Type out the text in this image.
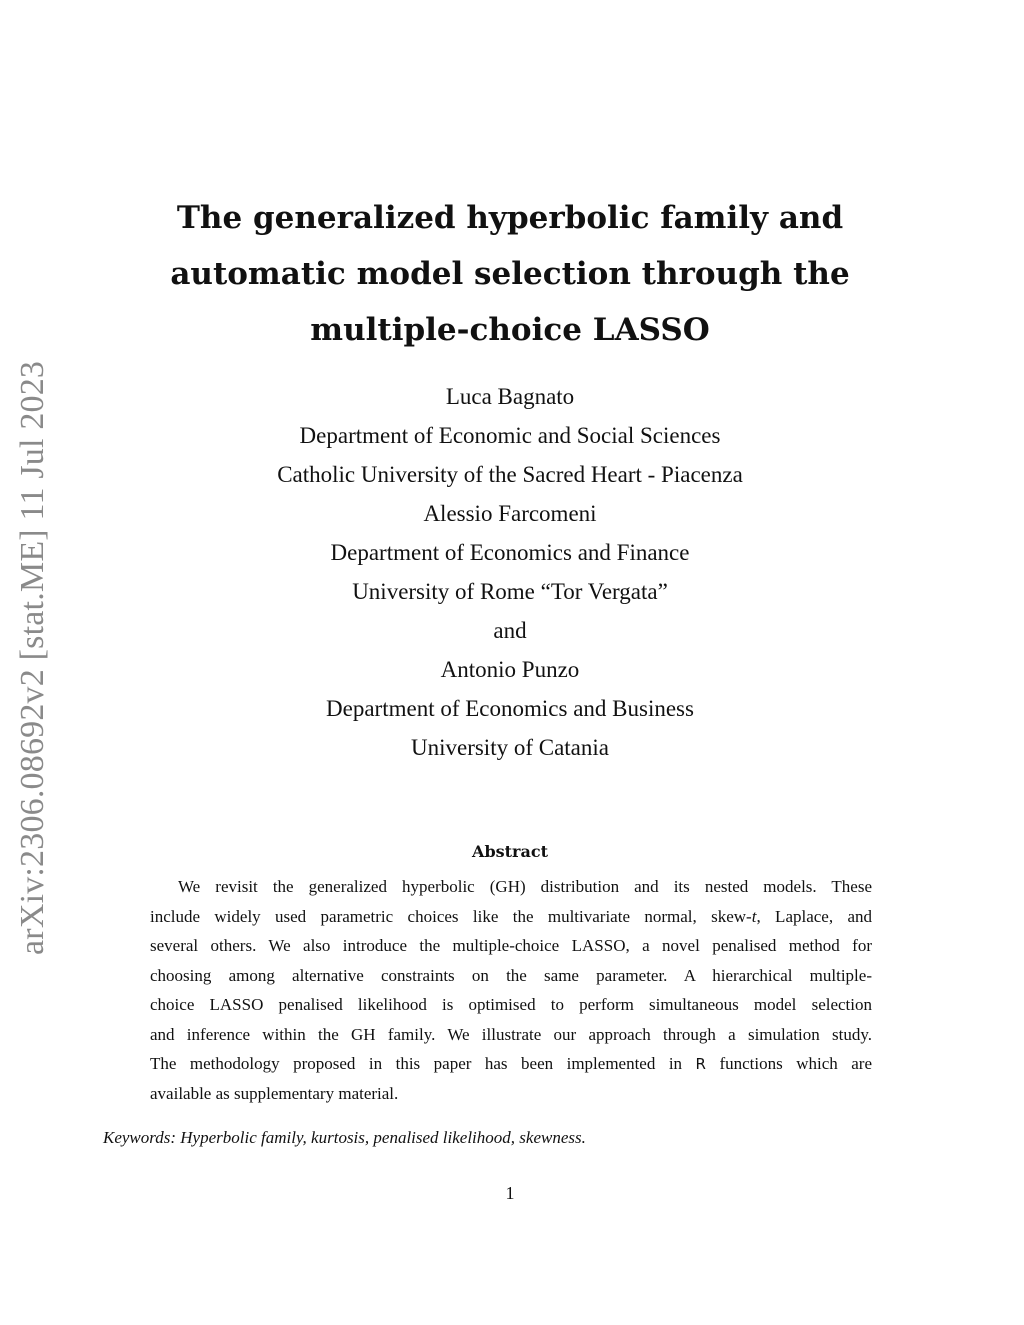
arXiv:2306.08692v2 [stat.ME] 11 Jul 2023
The generalized hyperbolic family and
automatic model selection through the
multiple-choice LASSO
Luca Bagnato
Department of Economic and Social Sciences
Catholic University of the Sacred Heart - Piacenza
Alessio Farcomeni
Department of Economics and Finance
University of Rome “Tor Vergata”
and
Antonio Punzo
Department of Economics and Business
University of Catania
Abstract
We revisit the generalized hyperbolic (GH) distribution and its nested models. These
include widely used parametric choices like the multivariate normal, skew-t, Laplace, and
several others. We also introduce the multiple-choice LASSO, a novel penalised method for
choosing among alternative constraints on the same parameter. A hierarchical multiple-
choice LASSO penalised likelihood is optimised to perform simultaneous model selection
and inference within the GH family. We illustrate our approach through a simulation study.
The methodology proposed in this paper has been implemented in R functions which are
available as supplementary material.
Keywords: Hyperbolic family, kurtosis, penalised likelihood, skewness.
1
